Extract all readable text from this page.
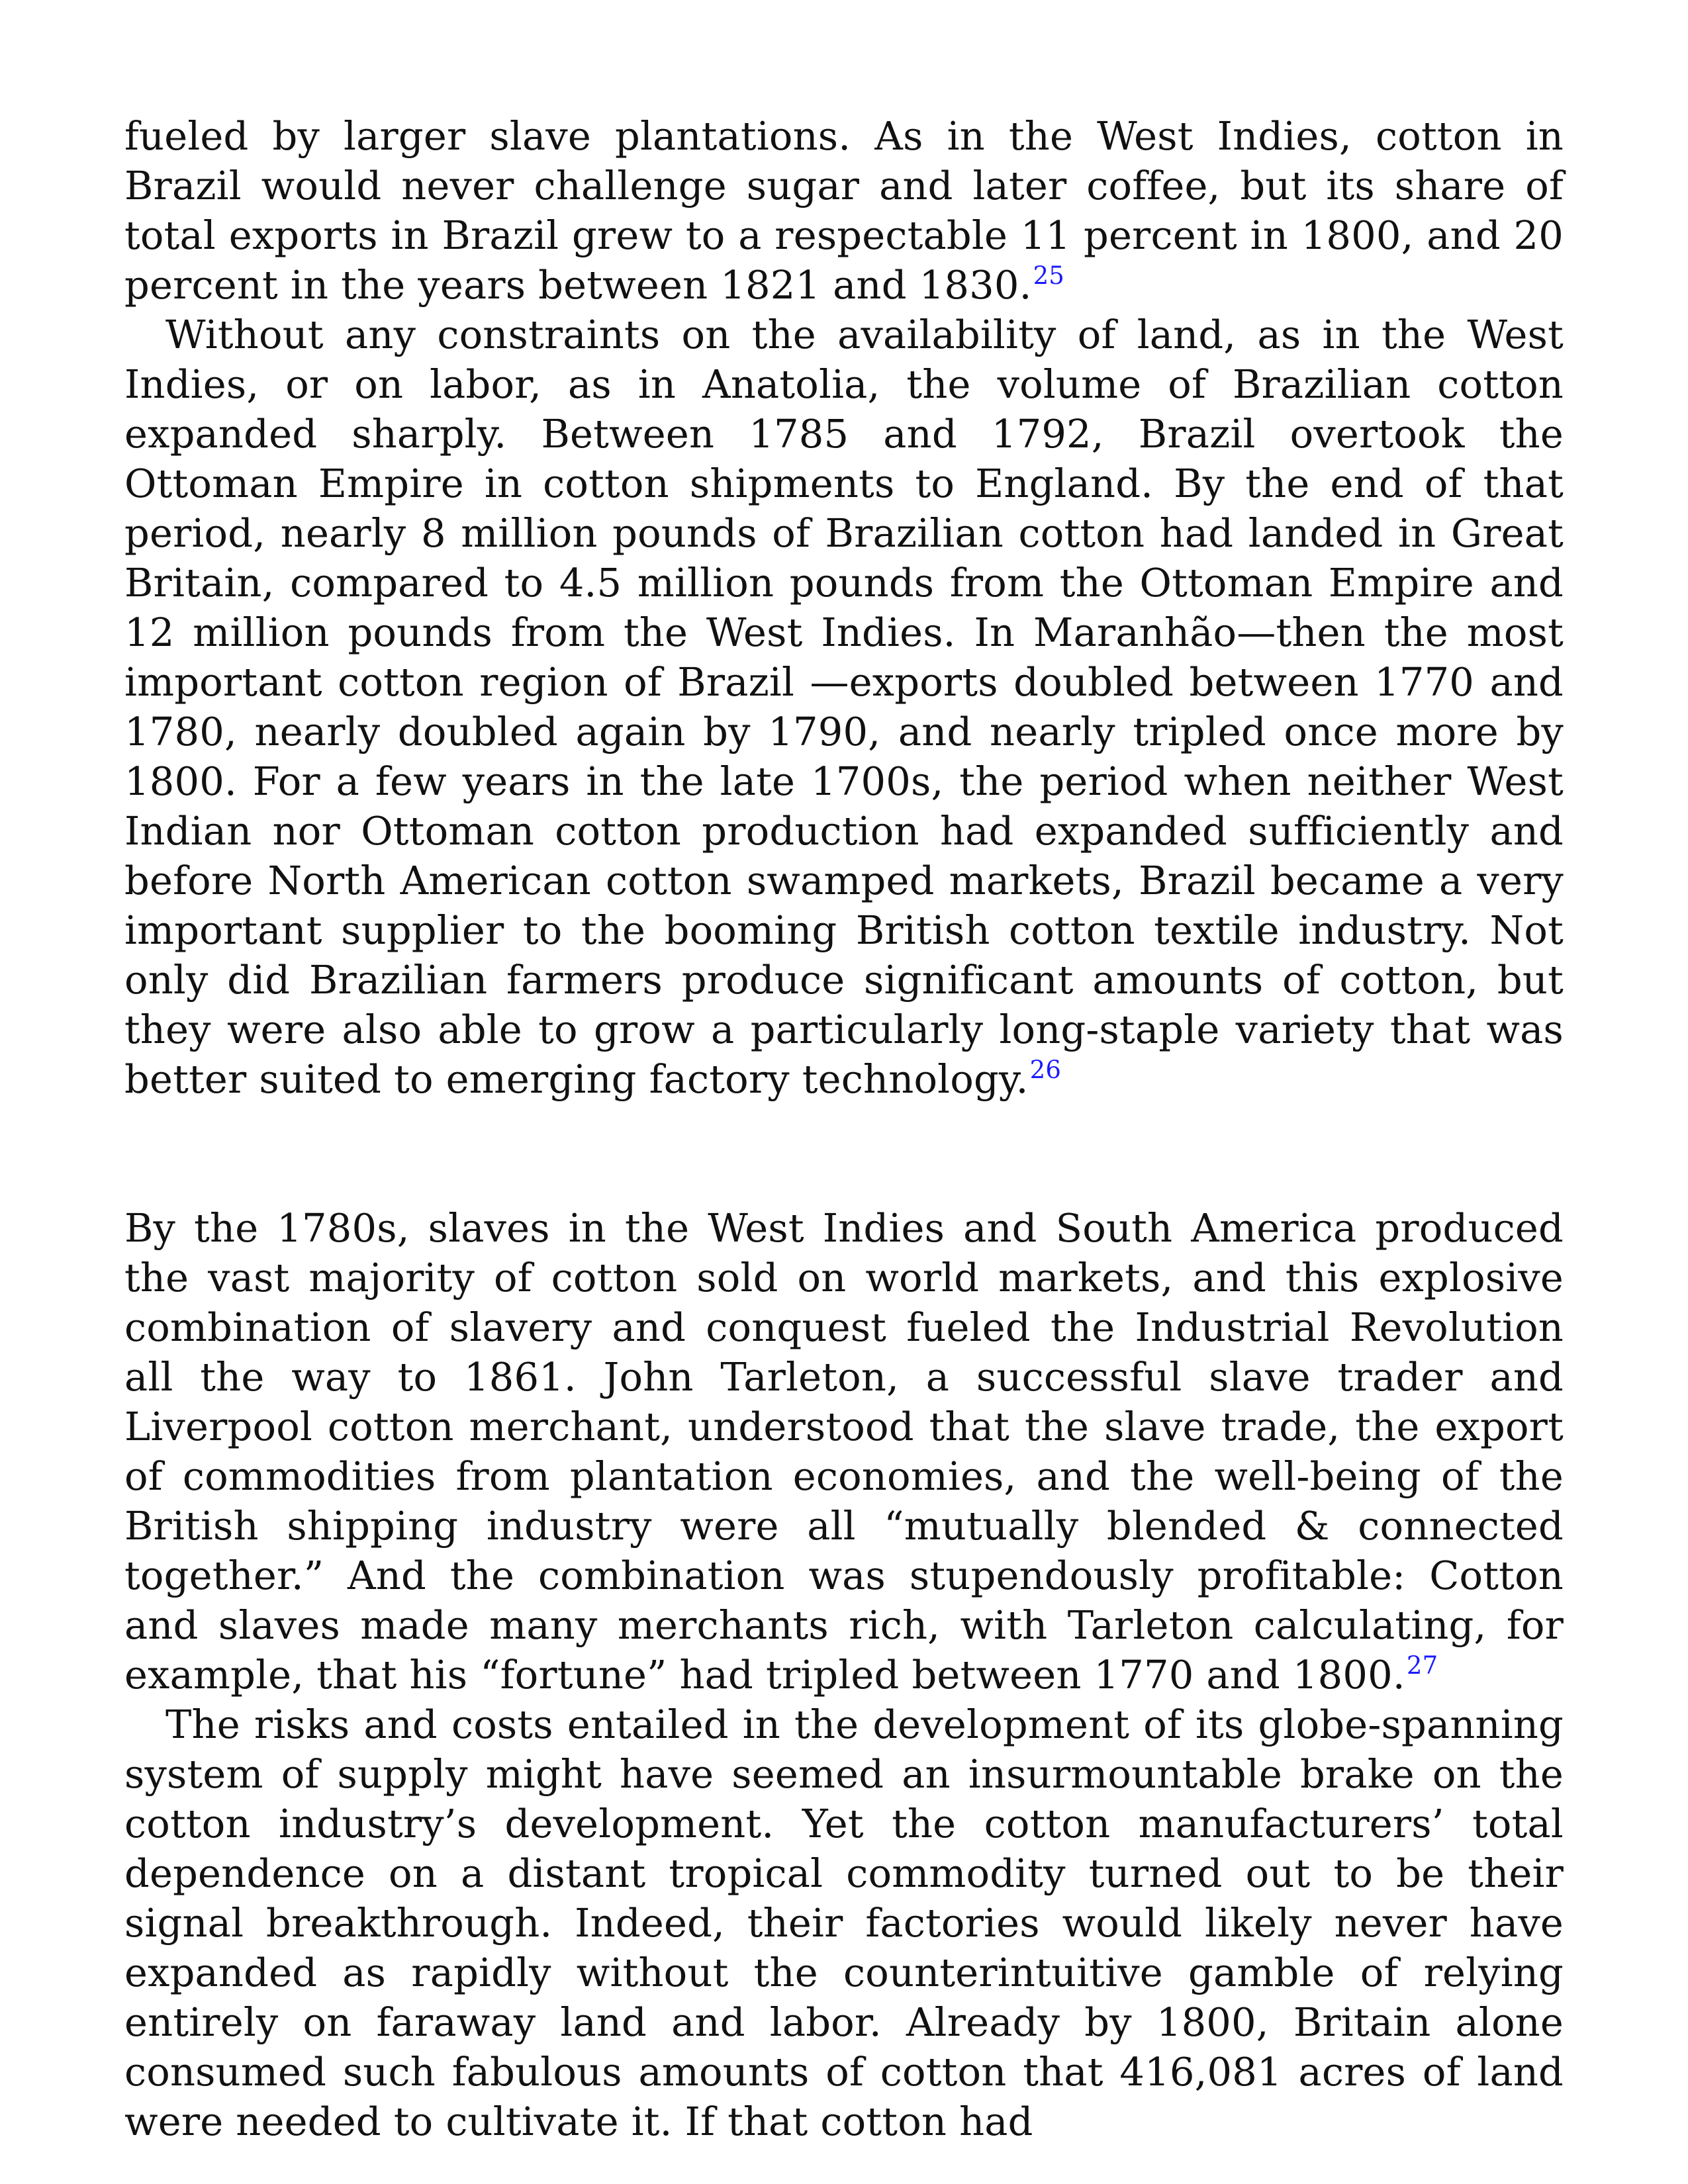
fueled by larger slave plantations. As in the West Indies, cotton in Brazil would never challenge sugar and later coffee, but its share of total exports in Brazil grew to a respectable 11 percent in 1800, and 20 percent in the years between 1821 and 1830.25

Without any constraints on the availability of land, as in the West Indies, or on labor, as in Anatolia, the volume of Brazilian cotton expanded sharply. Between 1785 and 1792, Brazil overtook the Ottoman Empire in cotton shipments to England. By the end of that period, nearly 8 million pounds of Brazilian cotton had landed in Great Britain, compared to 4.5 million pounds from the Ottoman Empire and 12 million pounds from the West Indies. In Maranhão—then the most important cotton region of Brazil —exports doubled between 1770 and 1780, nearly doubled again by 1790, and nearly tripled once more by 1800. For a few years in the late 1700s, the period when neither West Indian nor Ottoman cotton production had expanded sufficiently and before North American cotton swamped markets, Brazil became a very important supplier to the booming British cotton textile industry. Not only did Brazilian farmers produce significant amounts of cotton, but they were also able to grow a particularly long-staple variety that was better suited to emerging factory technology.$^{26}$

By the 1780s, slaves in the West Indies and South America produced the vast majority of cotton sold on world markets, and this explosive combination of slavery and conquest fueled the Industrial Revolution all the way to 1861. John Tarleton, a successful slave trader and Liverpool cotton merchant, understood that the slave trade, the export of commodities from plantation economies, and the well-being of the British shipping industry were all “mutually blended & connected together.” And the combination was stupendously profitable: Cotton and slaves made many merchants rich, with Tarleton calculating, for example, that his “fortune” had tripled between 1770 and 1800.27

The risks and costs entailed in the development of its globe-spanning system of supply might have seemed an insurmountable brake on the cotton industry’s development. Yet the cotton manufacturers’ total dependence on a distant tropical commodity turned out to be their signal breakthrough. Indeed, their factories would likely never have expanded as rapidly without the counterintuitive gamble of relying entirely on faraway land and labor. Already by 1800, Britain alone consumed such fabulous amounts of cotton that 416,081 acres of land were needed to cultivate it. If that cotton had
